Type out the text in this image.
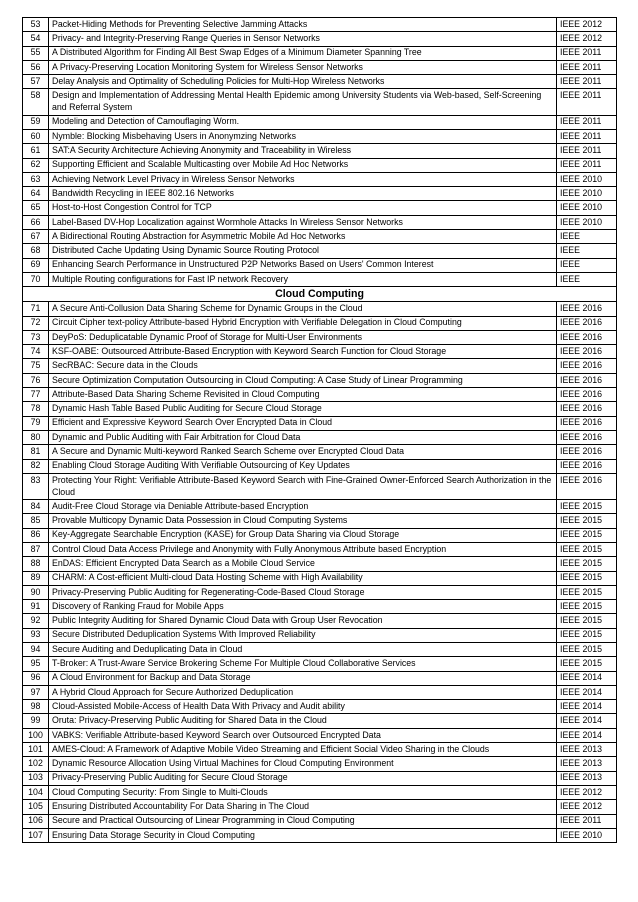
53	Packet-Hiding Methods for Preventing Selective Jamming Attacks	IEEE 2012
54	Privacy- and Integrity-Preserving Range Queries in Sensor Networks	IEEE 2012
55	A Distributed Algorithm for Finding All Best Swap Edges of a Minimum Diameter Spanning Tree	IEEE 2011
56	A Privacy-Preserving Location Monitoring System for Wireless Sensor Networks	IEEE 2011
57	Delay Analysis and Optimality of Scheduling Policies for Multi-Hop Wireless Networks	IEEE 2011
58	Design and Implementation of Addressing Mental Health Epidemic among University Students via Web-based, Self-Screening and Referral System	IEEE 2011
59	Modeling and Detection of Camouflaging Worm.	IEEE 2011
60	Nymble: Blocking Misbehaving Users in Anonymzing Networks	IEEE 2011
61	SAT:A Security Architecture Achieving Anonymity and Traceability in Wireless	IEEE 2011
62	Supporting Efficient and Scalable Multicasting over Mobile Ad Hoc Networks	IEEE 2011
63	Achieving Network Level Privacy in Wireless Sensor Networks	IEEE 2010
64	Bandwidth Recycling in IEEE 802.16 Networks	IEEE 2010
65	Host-to-Host Congestion Control for TCP	IEEE 2010
66	Label-Based DV-Hop Localization against Wormhole Attacks In Wireless Sensor Networks	IEEE 2010
67	A Bidirectional Routing Abstraction for Asymmetric Mobile Ad Hoc Networks	IEEE
68	Distributed Cache Updating Using Dynamic Source Routing Protocol	IEEE
69	Enhancing Search Performance in Unstructured P2P Networks Based on Users' Common Interest	IEEE
70	Multiple Routing configurations for Fast IP network Recovery	IEEE
Cloud Computing		
71	A Secure Anti-Collusion Data Sharing Scheme for Dynamic Groups in the Cloud	IEEE 2016
72	Circuit Cipher text-policy Attribute-based Hybrid Encryption with Verifiable Delegation in Cloud Computing	IEEE 2016
73	DeyPoS: Deduplicatable Dynamic Proof of Storage for Multi-User Environments	IEEE 2016
74	KSF-OABE: Outsourced Attribute-Based Encryption with Keyword Search Function for Cloud Storage	IEEE 2016
75	SecRBAC: Secure data in the Clouds	IEEE 2016
76	Secure Optimization Computation Outsourcing in Cloud Computing: A Case Study of Linear Programming	IEEE 2016
77	Attribute-Based Data Sharing Scheme Revisited in Cloud Computing	IEEE 2016
78	Dynamic Hash Table Based Public Auditing for Secure Cloud Storage	IEEE 2016
79	Efficient and Expressive Keyword Search Over Encrypted Data in Cloud	IEEE 2016
80	Dynamic and Public Auditing with Fair Arbitration for Cloud Data	IEEE 2016
81	A Secure and Dynamic Multi-keyword Ranked Search Scheme over Encrypted Cloud Data	IEEE 2016
82	Enabling Cloud Storage Auditing With Verifiable Outsourcing of Key Updates	IEEE 2016
83	Protecting Your Right: Verifiable Attribute-Based Keyword Search with Fine-Grained Owner-Enforced Search Authorization in the Cloud	IEEE 2016
84	Audit-Free Cloud Storage via Deniable Attribute-based Encryption	IEEE 2015
85	Provable Multicopy Dynamic Data Possession in Cloud Computing Systems	IEEE 2015
86	Key-Aggregate Searchable Encryption (KASE) for Group Data Sharing via Cloud Storage	IEEE 2015
87	Control Cloud Data Access Privilege and Anonymity with Fully Anonymous Attribute based Encryption	IEEE 2015
88	EnDAS: Efficient Encrypted Data Search as a Mobile Cloud Service	IEEE 2015
89	CHARM: A Cost-efficient Multi-cloud Data Hosting Scheme with High Availability	IEEE 2015
90	Privacy-Preserving Public Auditing for Regenerating-Code-Based Cloud Storage	IEEE 2015
91	Discovery of Ranking Fraud for Mobile Apps	IEEE 2015
92	Public Integrity Auditing for Shared Dynamic Cloud Data with Group User Revocation	IEEE 2015
93	Secure Distributed Deduplication Systems With Improved Reliability	IEEE 2015
94	Secure Auditing and Deduplicating Data in Cloud	IEEE 2015
95	T-Broker: A Trust-Aware Service Brokering Scheme For Multiple Cloud Collaborative Services	IEEE 2015
96	A Cloud Environment for Backup and Data Storage	IEEE 2014
97	A Hybrid Cloud Approach for Secure Authorized Deduplication	IEEE 2014
98	Cloud-Assisted Mobile-Access of Health Data With Privacy and Audit ability	IEEE 2014
99	Oruta: Privacy-Preserving Public Auditing for Shared Data in the Cloud	IEEE 2014
100	VABKS: Verifiable Attribute-based Keyword Search over Outsourced Encrypted Data	IEEE 2014
101	AMES-Cloud: A Framework of Adaptive Mobile Video Streaming and Efficient Social Video Sharing in the Clouds	IEEE 2013
102	Dynamic Resource Allocation Using Virtual Machines for Cloud Computing Environment	IEEE 2013
103	Privacy-Preserving Public Auditing for Secure Cloud Storage	IEEE 2013
104	Cloud Computing Security: From Single to Multi-Clouds	IEEE 2012
105	Ensuring Distributed Accountability For Data Sharing in The Cloud	IEEE 2012
106	Secure and Practical Outsourcing of Linear Programming in Cloud Computing	IEEE 2011
107	Ensuring Data Storage Security in Cloud Computing	IEEE 2010
